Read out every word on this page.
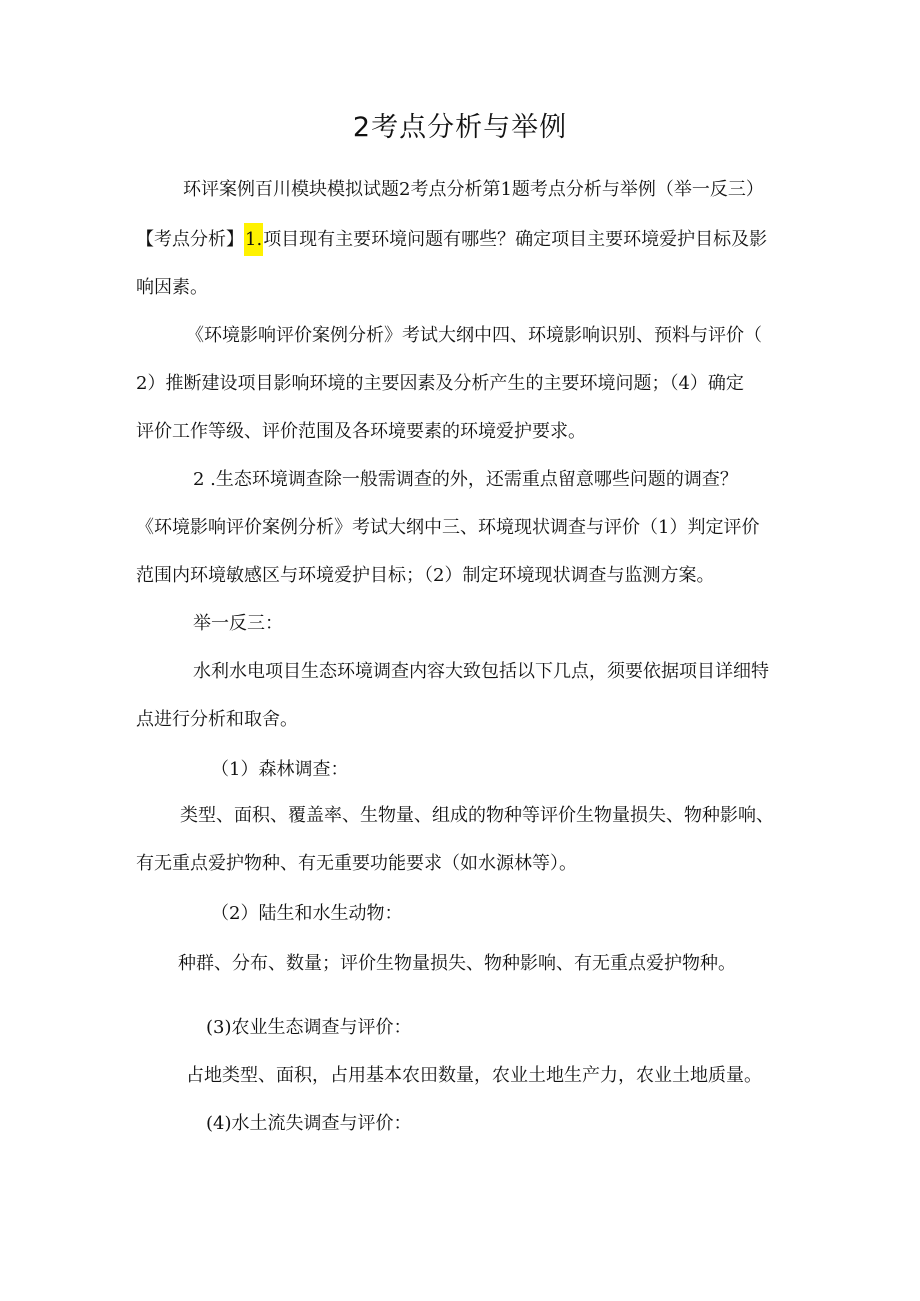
2考点分析与举例
环评案例百川模块模拟试题2考点分析第1题考点分析与举例（举一反三）
【考点分析】1.项目现有主要环境问题有哪些？确定项目主要环境爱护目标及影
响因素。
《环境影响评价案例分析》考试大纲中四、环境影响识别、预料与评价（
2）推断建设项目影响环境的主要因素及分析产生的主要环境问题；（4）确定
评价工作等级、评价范围及各环境要素的环境爱护要求。
2 .生态环境调查除一般需调查的外，还需重点留意哪些问题的调查？
《环境影响评价案例分析》考试大纲中三、环境现状调查与评价（1）判定评价
范围内环境敏感区与环境爱护目标；（2）制定环境现状调查与监测方案。
举一反三：
水利水电项目生态环境调查内容大致包括以下几点，须要依据项目详细特
点进行分析和取舍。
（1）森林调查：
类型、面积、覆盖率、生物量、组成的物种等评价生物量损失、物种影响、
有无重点爱护物种、有无重要功能要求（如水源林等）。
（2）陆生和水生动物：
种群、分布、数量；评价生物量损失、物种影响、有无重点爱护物种。
(3)农业生态调查与评价：
占地类型、面积，占用基本农田数量，农业土地生产力，农业土地质量。
(4)水土流失调查与评价：
